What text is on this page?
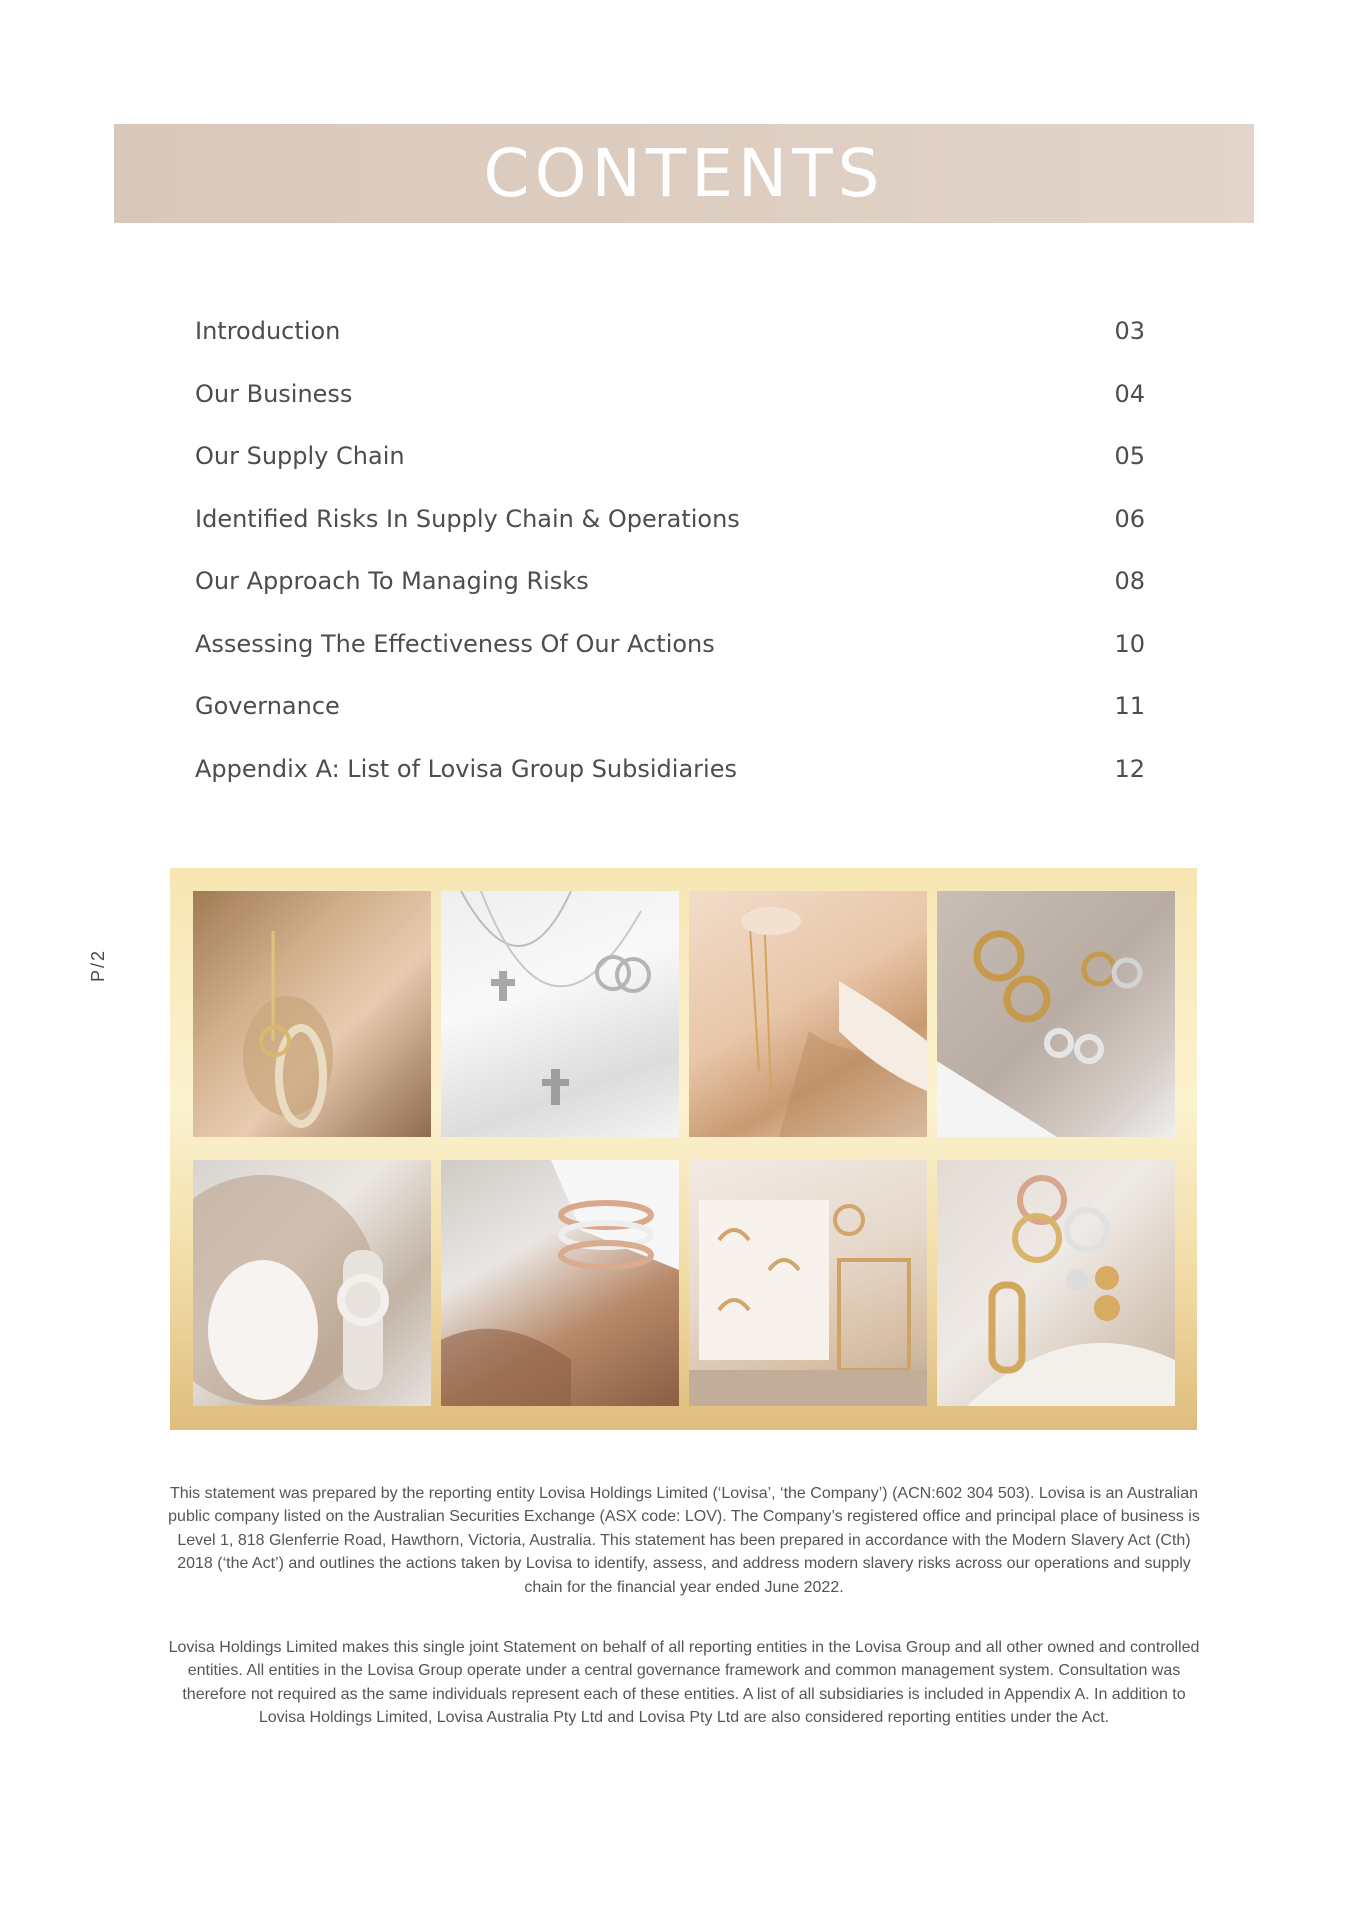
CONTENTS
P/2
Introduction	03
Our Business	04
Our Supply Chain	05
Identified Risks In Supply Chain & Operations	06
Our Approach To Managing Risks	08
Assessing The Effectiveness Of Our Actions	10
Governance	11
Appendix A: List of Lovisa Group Subsidiaries	12

This statement was prepared by the reporting entity Lovisa Holdings Limited (‘Lovisa’, ‘the Company’) (ACN:602 304 503). Lovisa is an Australian public company listed on the Australian Securities Exchange (ASX code: LOV). The Company’s registered office and principal place of business is Level 1, 818 Glenferrie Road, Hawthorn, Victoria, Australia. This statement has been prepared in accordance with the Modern Slavery Act (Cth) 2018 (‘the Act’) and outlines the actions taken by Lovisa to identify, assess, and address modern slavery risks across our operations and supply chain for the financial year ended June 2022.

Lovisa Holdings Limited makes this single joint Statement on behalf of all reporting entities in the Lovisa Group and all other owned and controlled entities. All entities in the Lovisa Group operate under a central governance framework and common management system. Consultation was therefore not required as the same individuals represent each of these entities. A list of all subsidiaries is included in Appendix A. In addition to Lovisa Holdings Limited, Lovisa Australia Pty Ltd and Lovisa Pty Ltd are also considered reporting entities under the Act.
